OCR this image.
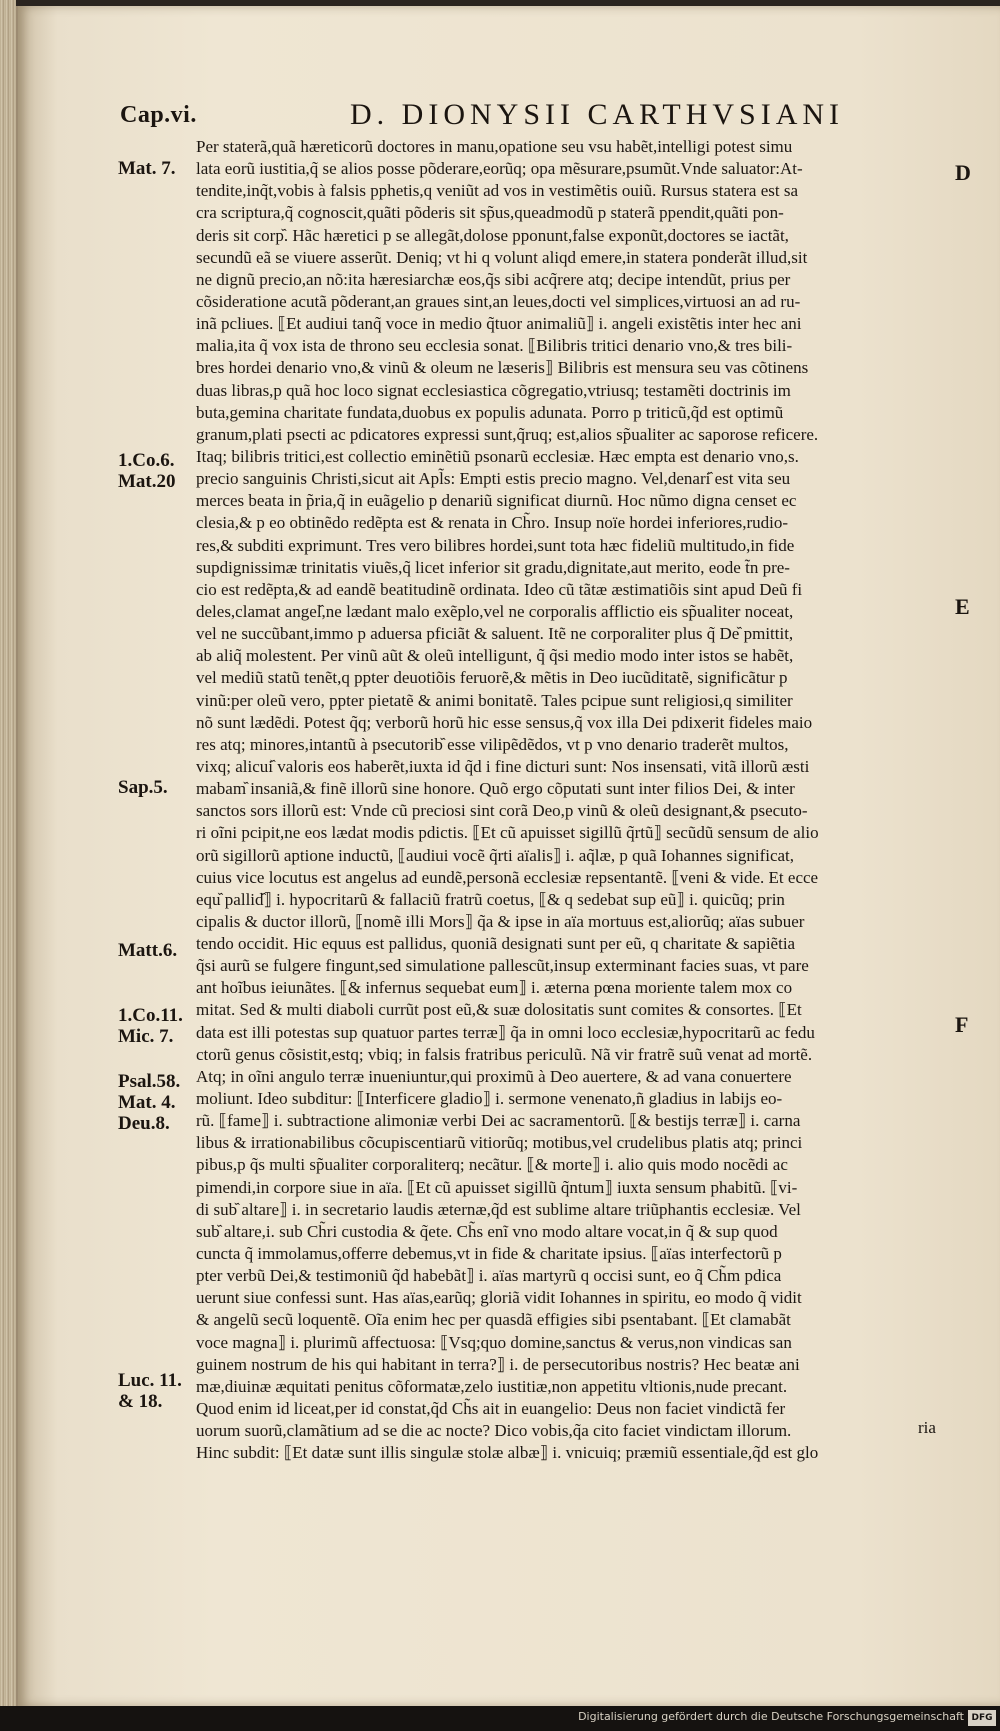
Cap.vi.	D. DIONYSII CARTHVSIANI
Mat. 7.
1.Co.6.
Mat.20
Sap.5.
Matt.6.
1.Co.11.
Mic. 7.
Psal.58.
Mat. 4.
Deu.8.
Luc. 11.
& 18.
D
E
F
Per staterã,quã hæreticorũ doctores in manu,opatione seu vsu habẽt,intelligi potest simu
lata eorũ iustitia,q̃ se alios posse põderare,eorũq; opa mẽsurare,psumũt.Vnde saluator:At-
tendite,inq̃t,vobis à falsis pphetis,q veniũt ad vos in vestimẽtis ouiũ. Rursus statera est sa
cra scriptura,q̃ cognoscit,quãti põderis sit sp̃us,queadmodũ p staterã ppendit,quãti pon-
deris sit corp᷈. Hãc hæretici p se allegãt,dolose pponunt,false exponũt,doctores se iactãt,
secundũ eã se viuere asserũt. Deniq; vt hi q volunt aliqd emere,in statera ponderãt illud,sit
ne dignũ precio,an nõ:ita hæresiarchæ eos,q̃s sibi acq̃rere atq; decipe intendũt, prius per
cõsideratione acutã põderant,an graues sint,an leues,docti vel simplices,virtuosi an ad ru-
inã pcliues. ⟦Et audiui tanq̃ voce in medio q̃tuor animaliũ⟧ i. angeli existẽtis inter hec ani
malia,ita q̃ vox ista de throno seu ecclesia sonat. ⟦Bilibris tritici denario vno,& tres bili-
bres hordei denario vno,& vinũ & oleum ne læseris⟧ Bilibris est mensura seu vas cõtinens
duas libras,p quã hoc loco signat ecclesiastica cõgregatio,vtriusq; testamẽti doctrinis im
buta,gemina charitate fundata,duobus ex populis adunata. Porro p triticũ,q̃d est optimũ
granum,plati psecti ac pdicatores expressi sunt,q̃ruq; est,alios sp̃ualiter ac saporose reficere.
Itaq; bilibris tritici,est collectio eminẽtiũ psonarũ ecclesiæ. Hæc empta est denario vno,s.
precio sanguinis Christi,sicut ait Apl̃s: Empti estis precio magno. Vel,denari᷈ est vita seu
merces beata in p̃ria,q̃ in euãgelio p denariũ significat diurnũ. Hoc nũmo digna censet ec
clesia,& p eo obtinẽdo redẽpta est & renata in Ch̃ro. Insup noïe hordei inferiores,rudio-
res,& subditi exprimunt. Tres vero bilibres hordei,sunt tota hæc fideliũ multitudo,in fide
supdignissimæ trinitatis viuẽs,q̃ licet inferior sit gradu,dignitate,aut merito, eode t̃n pre-
cio est redẽpta,& ad eandẽ beatitudinẽ ordinata. Ideo cũ tãtæ æstimatiõis sint apud Deũ fi
deles,clamat angel᷈,ne lædant malo exẽplo,vel ne corporalis afflictio eis sp̃ualiter noceat,
vel ne succũbant,immo p aduersa pficiãt & saluent. Itẽ ne corporaliter plus q̃ De᷈ pmittit,
ab aliq̃ molestent. Per vinũ aũt & oleũ intelligunt, q̃ q̃si medio modo inter istos se habẽt,
vel mediũ statũ tenẽt,q ppter deuotiõis feruorẽ,& mẽtis in Deo iucũditatẽ, significãtur p
vinũ:per oleũ vero, ppter pietatẽ & animi bonitatẽ. Tales pcipue sunt religiosi,q similiter
nõ sunt lædẽdi. Potest q̃q; verborũ horũ hic esse sensus,q̃ vox illa Dei pdixerit fideles maio
res atq; minores,intantũ à psecutorib᷈ esse vilipẽdẽdos, vt p vno denario traderẽt multos,
vixq; alicui᷈ valoris eos haberẽt,iuxta id q̃d i fine dicturi sunt: Nos insensati, vitã illorũ æsti
mabam᷈ insaniã,& finẽ illorũ sine honore. Quõ ergo cõputati sunt inter filios Dei, & inter
sanctos sors illorũ est: Vnde cũ preciosi sint corã Deo,p vinũ & oleũ designant,& psecuto-
ri oĩni pcipit,ne eos lædat modis pdictis. ⟦Et cũ apuisset sigillũ q̃rtũ⟧ secũdũ sensum de alio
orũ sigillorũ aptione inductũ, ⟦audiui vocẽ q̃rti aïalis⟧ i. aq̃læ, p quã Iohannes significat,
cuius vice locutus est angelus ad eundẽ,personã ecclesiæ repsentantẽ. ⟦veni & vide. Et ecce
equ᷈ pallid᷈⟧ i. hypocritarũ & fallaciũ fratrũ coetus, ⟦& q sedebat sup eũ⟧ i. quicũq; prin
cipalis & ductor illorũ, ⟦nomẽ illi Mors⟧ q̃a & ipse in aïa mortuus est,aliorũq; aïas subuer
tendo occidit. Hic equus est pallidus, quoniã designati sunt per eũ, q charitate & sapiẽtia
q̃si aurũ se fulgere fingunt,sed simulatione pallescũt,insup exterminant facies suas, vt pare
ant hoĩbus ieiunãtes. ⟦& infernus sequebat eum⟧ i. æterna pœna moriente talem mox co
mitat. Sed & multi diaboli currũt post eũ,& suæ dolositatis sunt comites & consortes. ⟦Et
data est illi potestas sup quatuor partes terræ⟧ q̃a in omni loco ecclesiæ,hypocritarũ ac fedu
ctorũ genus cõsistit,estq; vbiq; in falsis fratribus periculũ. Nã vir fratrẽ suũ venat ad mortẽ.
Atq; in oĩni angulo terræ inueniuntur,qui proximũ à Deo auertere, & ad vana conuertere
moliunt. Ideo subditur: ⟦Interficere gladio⟧ i. sermone venenato,ñ gladius in labijs eo-
rũ. ⟦fame⟧ i. subtractione alimoniæ verbi Dei ac sacramentorũ. ⟦& bestijs terræ⟧ i. carna
libus & irrationabilibus cõcupiscentiarũ vitiorũq; motibus,vel crudelibus platis atq; princi
pibus,p q̃s multi sp̃ualiter corporaliterq; necãtur. ⟦& morte⟧ i. alio quis modo nocẽdi ac
pimendi,in corpore siue in aïa. ⟦Et cũ apuisset sigillũ q̃ntum⟧ iuxta sensum phabitũ. ⟦vi-
di sub᷈ altare⟧ i. in secretario laudis æternæ,q̃d est sublime altare triũphantis ecclesiæ. Vel
sub᷈ altare,i. sub Ch̃ri custodia & q̃ete. Ch̃s enĩ vno modo altare vocat,in q̃ & sup quod
cuncta q̃ immolamus,offerre debemus,vt in fide & charitate ipsius. ⟦aïas interfectorũ p
pter verbũ Dei,& testimoniũ q̃d habebãt⟧ i. aïas martyrũ q occisi sunt, eo q̃ Ch̃m pdica
uerunt siue confessi sunt. Has aïas,earũq; gloriã vidit Iohannes in spiritu, eo modo q̃ vidit
& angelũ secũ loquentẽ. Oĩa enim hec per quasdã effigies sibi psentabant. ⟦Et clamabãt
voce magna⟧ i. plurimũ affectuosa: ⟦Vsq;quo domine,sanctus & verus,non vindicas san
guinem nostrum de his qui habitant in terra?⟧ i. de persecutoribus nostris? Hec beatæ ani
mæ,diuinæ æquitati penitus cõformatæ,zelo iustitiæ,non appetitu vltionis,nude precant.
Quod enim id liceat,per id constat,q̃d Ch̃s ait in euangelio: Deus non faciet vindictã fer
uorum suorũ,clamãtium ad se die ac nocte? Dico vobis,q̃a cito faciet vindictam illorum.
Hinc subdit: ⟦Et datæ sunt illis singulæ stolæ albæ⟧ i. vnicuiq; præmiũ essentiale,q̃d est glo
ria
Digitalisierung gefördert durch die Deutsche Forschungsgemeinschaft DFG
